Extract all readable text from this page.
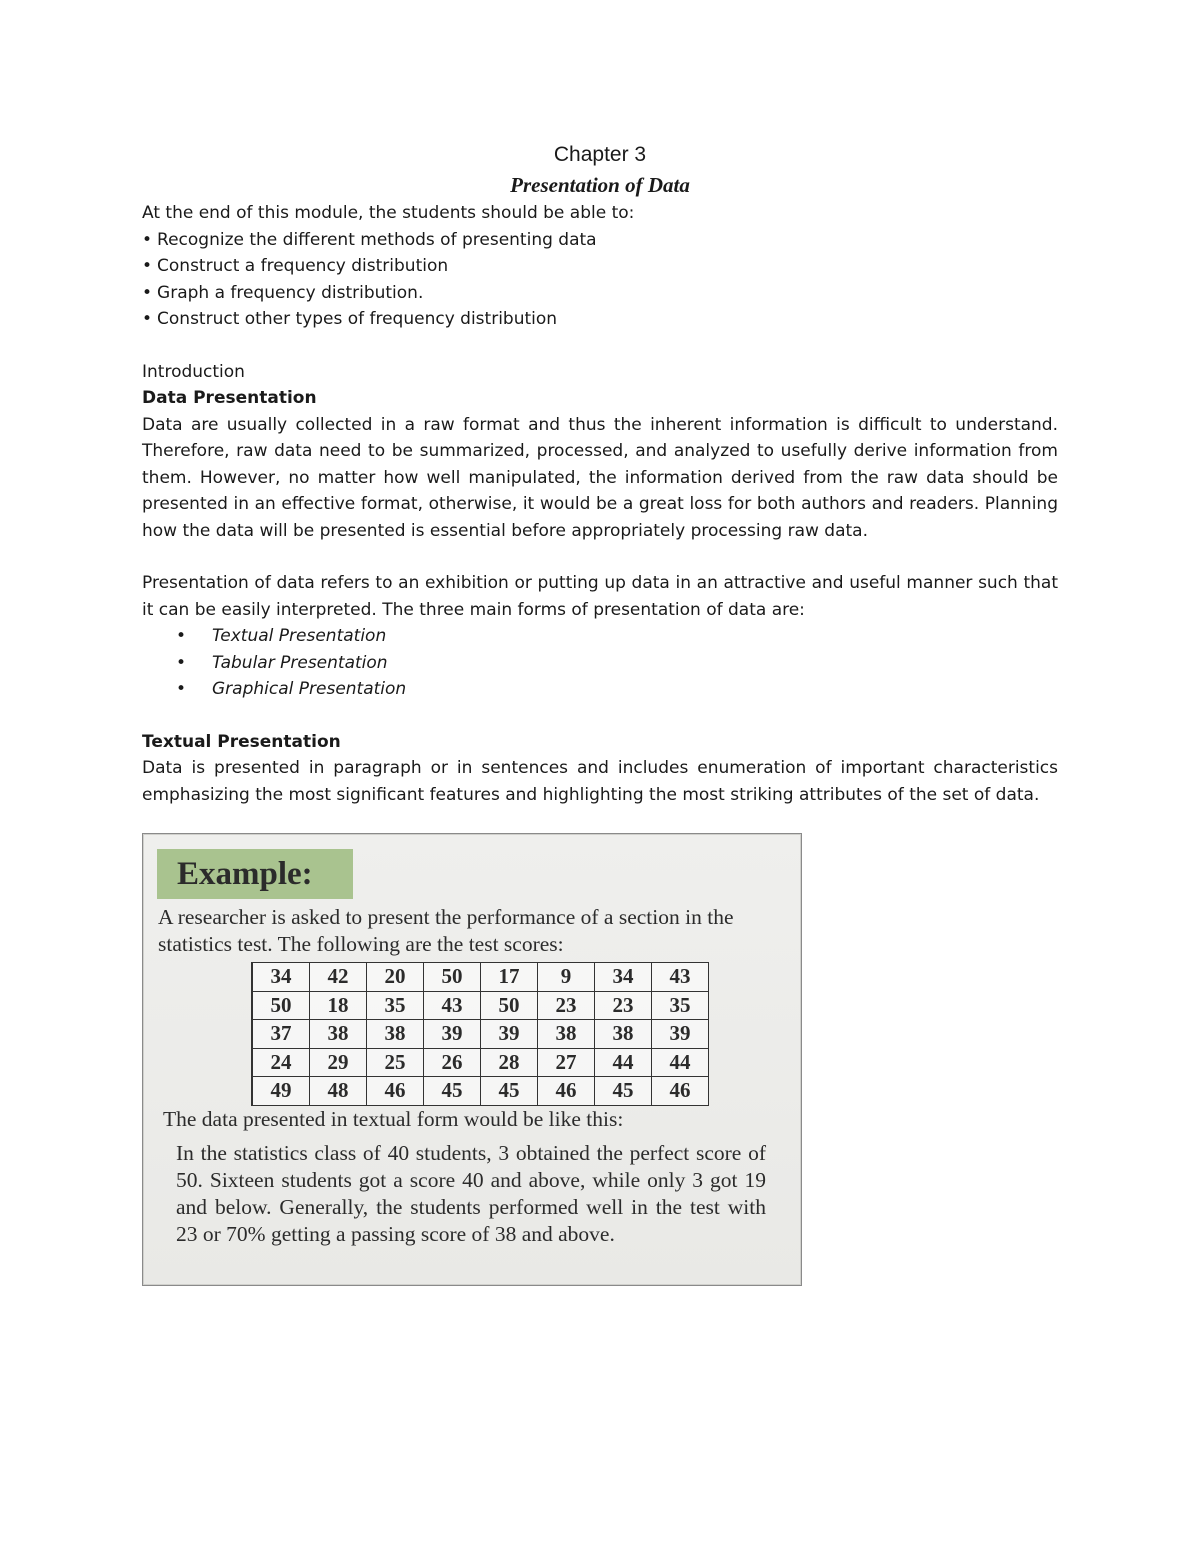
Chapter 3
Presentation of Data

At the end of this module, the students should be able to:

• Recognize the different methods of presenting data
• Construct a frequency distribution
• Graph a frequency distribution.
• Construct other types of frequency distribution

Introduction

Data Presentation

Data are usually collected in a raw format and thus the inherent information is difficult to understand. Therefore, raw data need to be summarized, processed, and analyzed to usefully derive information from them. However, no matter how well manipulated, the information derived from the raw data should be presented in an effective format, otherwise, it would be a great loss for both authors and readers. Planning how the data will be presented is essential before appropriately processing raw data.

Presentation of data refers to an exhibition or putting up data in an attractive and useful manner such that it can be easily interpreted. The three main forms of presentation of data are:

• Textual Presentation
• Tabular Presentation
• Graphical Presentation

Textual Presentation

Data is presented in paragraph or in sentences and includes enumeration of important characteristics emphasizing the most significant features and highlighting the most striking attributes of the set of data.

Example:
A researcher is asked to present the performance of a section in the statistics test. The following are the test scores:
34	42	20	50	17	9	34	43
50	18	35	43	50	23	23	35
37	38	38	39	39	38	38	39
24	29	25	26	28	27	44	44
49	48	46	45	45	46	45	46
The data presented in textual form would be like this:
In the statistics class of 40 students, 3 obtained the perfect score of 50. Sixteen students got a score 40 and above, while only 3 got 19 and below. Generally, the students performed well in the test with 23 or 70% getting a passing score of 38 and above.
